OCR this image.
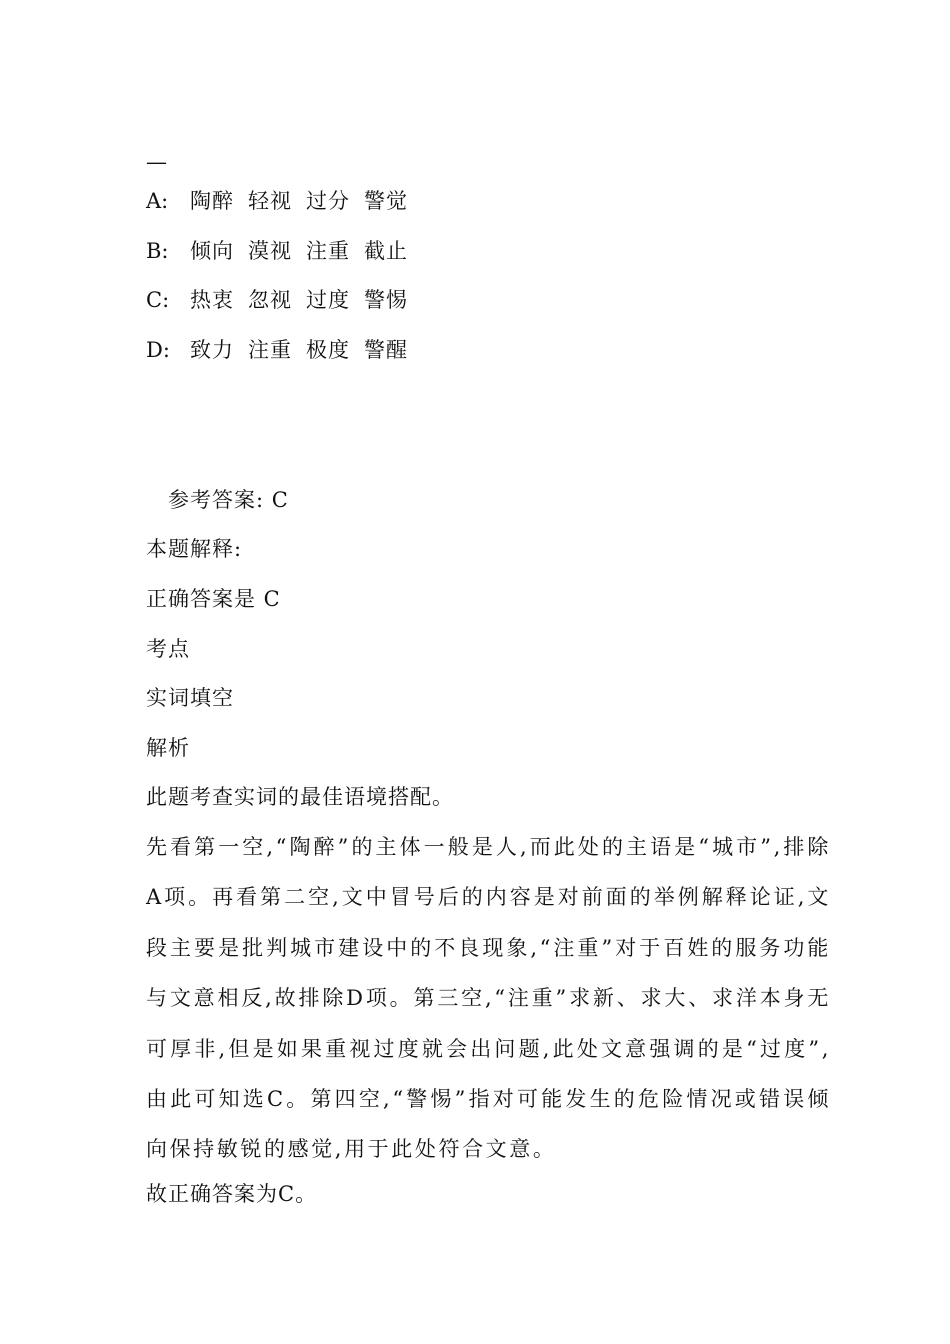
—
A: 陶醉 轻视 过分 警觉
B: 倾向 漠视 注重 截止
C: 热衷 忽视 过度 警惕
D: 致力 注重 极度 警醒
参考答案: C
本题解释:
正确答案是 C
考点
实词填空
解析
此题考查实词的最佳语境搭配。
先看第一空,“陶醉”的主体一般是人,而此处的主语是“城市”,排除A项。再看第二空,文中冒号后的内容是对前面的举例解释论证,文段主要是批判城市建设中的不良现象,“注重”对于百姓的服务功能与文意相反,故排除D项。第三空,“注重”求新、求大、求洋本身无可厚非,但是如果重视过度就会出问题,此处文意强调的是“过度”,由此可知选C。第四空,“警惕”指对可能发生的危险情况或错误倾向保持敏锐的感觉,用于此处符合文意。
故正确答案为C。
